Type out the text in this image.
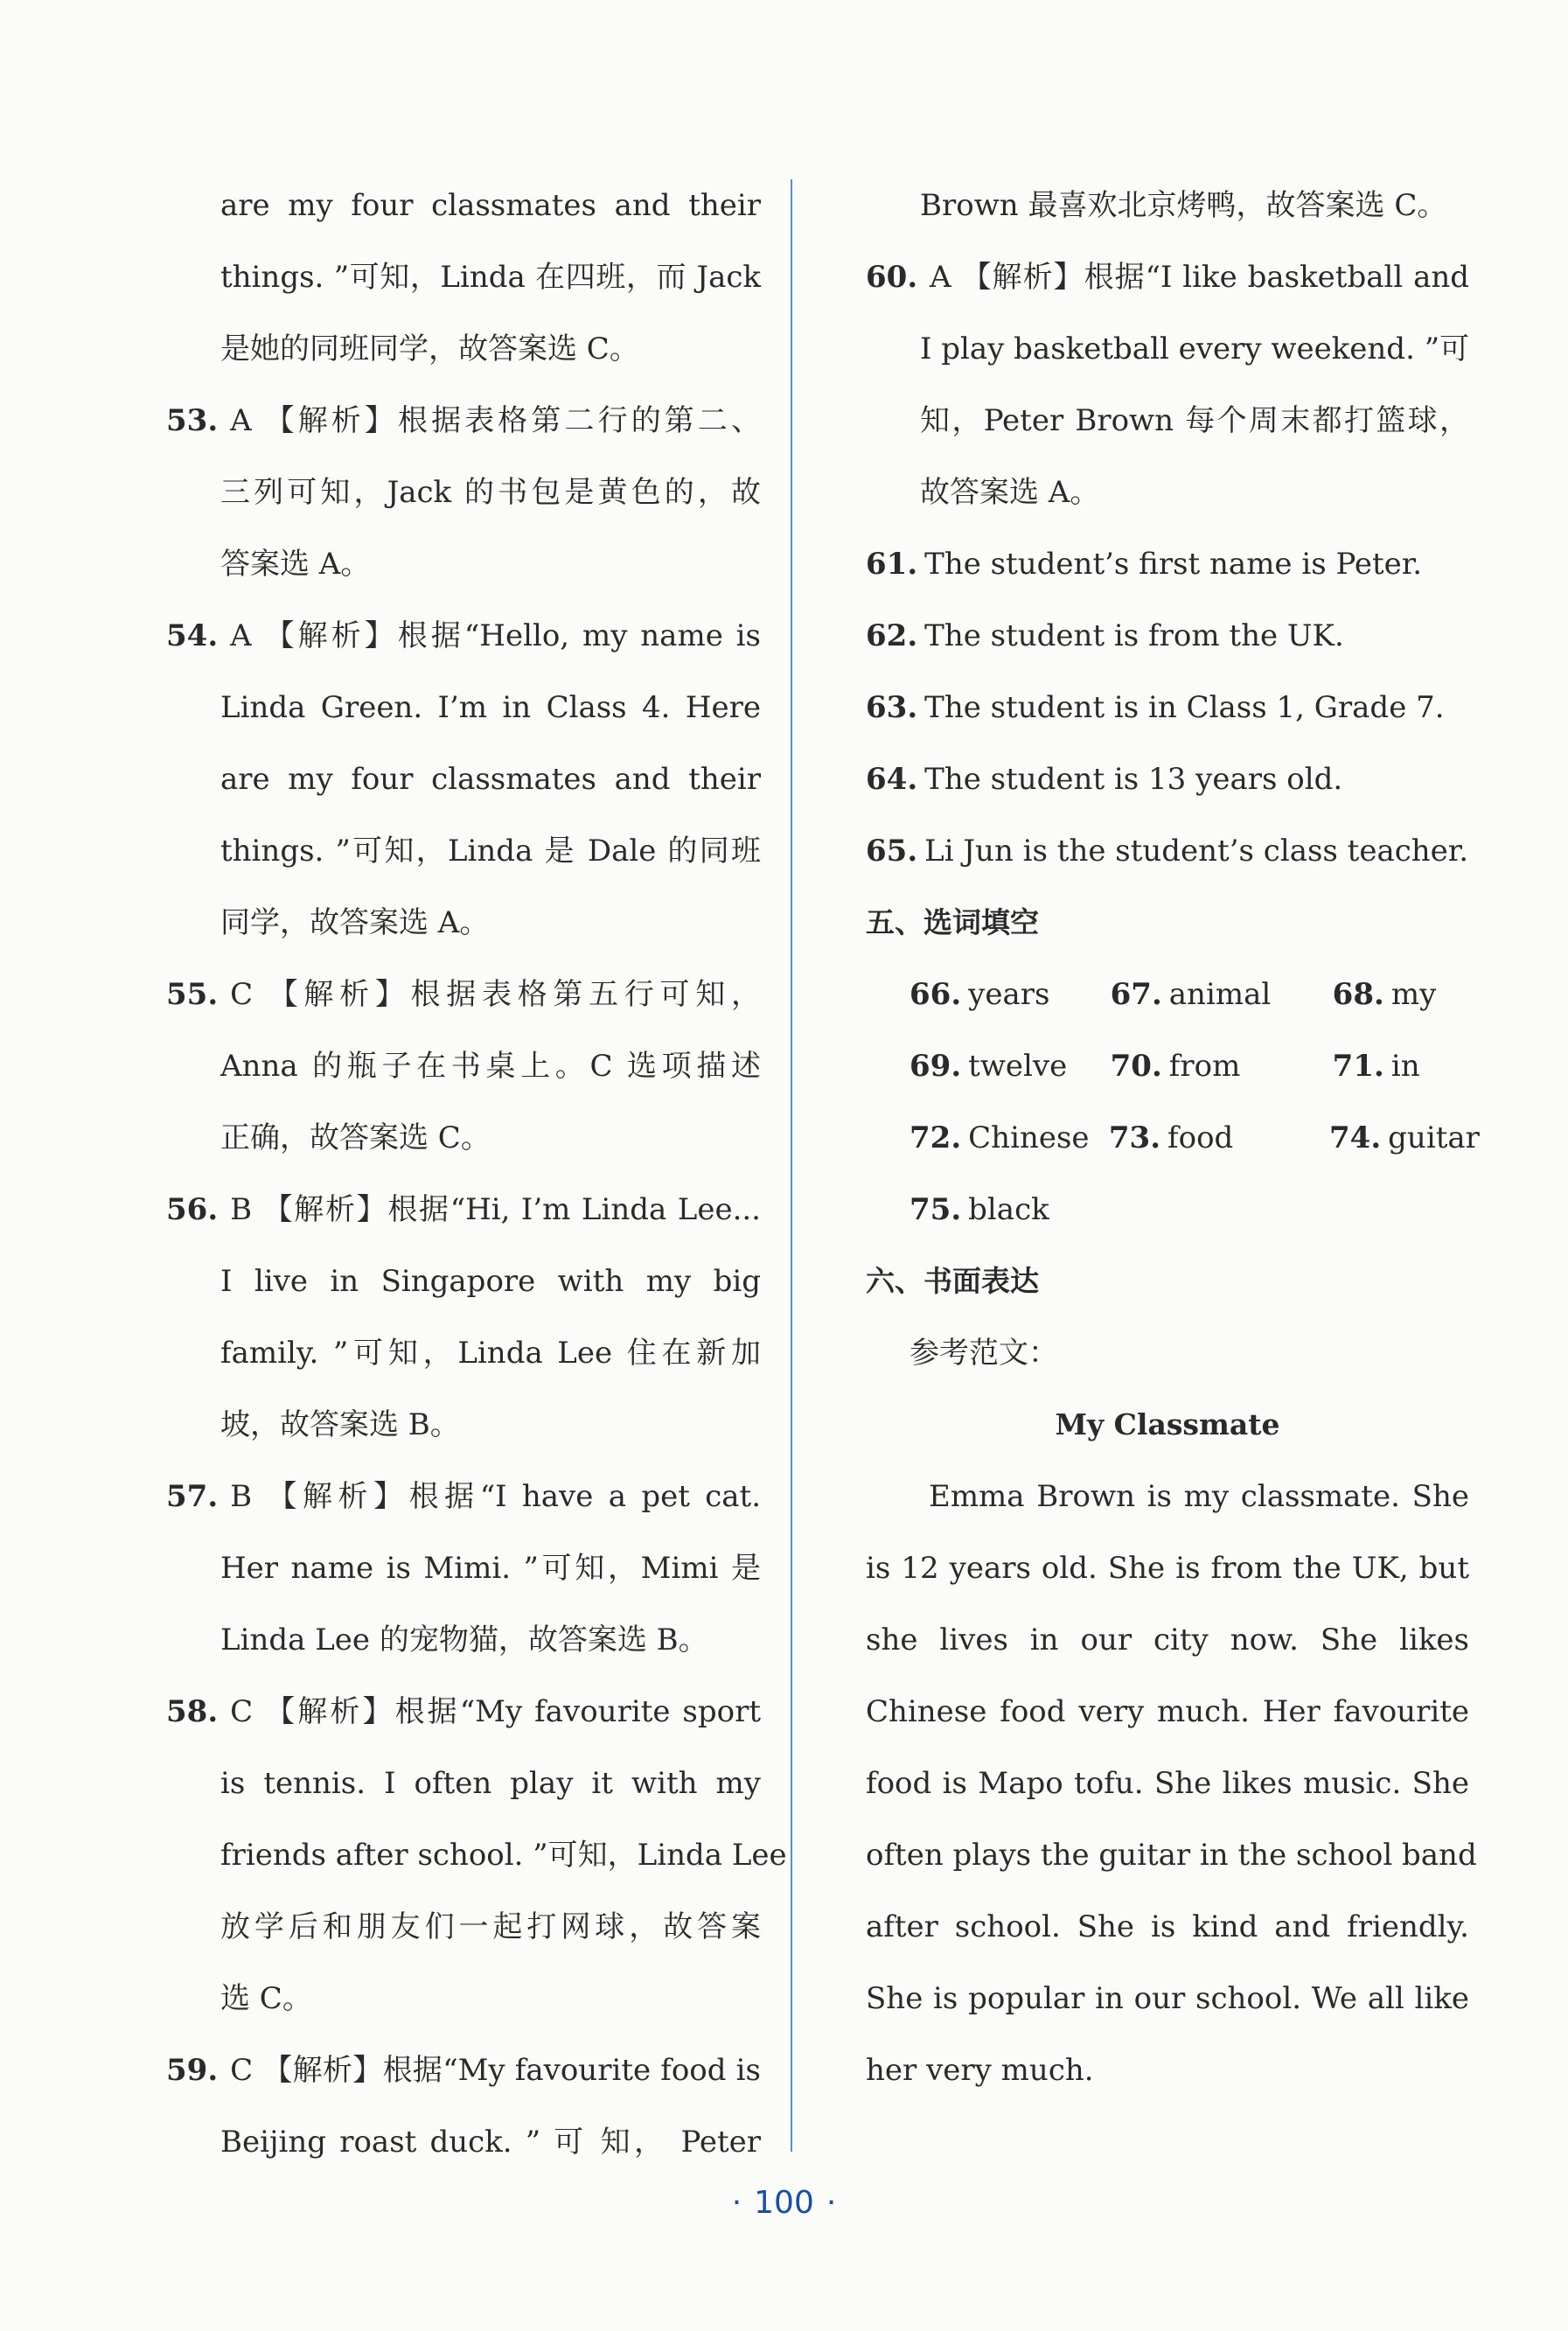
are my four classmates and their
things. ”可知，Linda 在四班，而 Jack
是她的同班同学，故答案选 C。
53. A 【解析】根据表格第二行的第二、
三列可知，Jack 的书包是黄色的，故
答案选 A。
54. A 【解析】根据“Hello, my name is
Linda Green. I’m in Class 4. Here
are my four classmates and their
things. ”可知，Linda 是 Dale 的同班
同学，故答案选 A。
55. C 【解析】根据表格第五行可知，
Anna 的瓶子在书桌上。C 选项描述
正确，故答案选 C。
56. B 【解析】根据“Hi, I’m Linda Lee...
I live in Singapore with my big
family. ”可知，Linda Lee 住在新加
坡，故答案选 B。
57. B 【解析】根据“I have a pet cat.
Her name is Mimi. ”可知，Mimi 是
Linda Lee 的宠物猫，故答案选 B。
58. C 【解析】根据“My favourite sport
is tennis. I often play it with my
friends after school. ”可知，Linda Lee
放学后和朋友们一起打网球，故答案
选 C。
59. C 【解析】根据“My favourite food is
Beijing roast duck. ” 可 知， Peter
Brown 最喜欢北京烤鸭，故答案选 C。
60. A 【解析】根据“I like basketball and
I play basketball every weekend. ”可
知，Peter Brown 每个周末都打篮球，
故答案选 A。
61. The student’s first name is Peter.
62. The student is from the UK.
63. The student is in Class 1, Grade 7.
64. The student is 13 years old.
65. Li Jun is the student’s class teacher.
五、选词填空
66. years	67. animal	68. my
69. twelve	70. from	71. in
72. Chinese 73. food	74. guitar
75. black
六、书面表达
参考范文：
My Classmate
Emma Brown is my classmate. She
is 12 years old. She is from the UK, but
she lives in our city now. She likes
Chinese food very much. Her favourite
food is Mapo tofu. She likes music. She
often plays the guitar in the school band
after school. She is kind and friendly.
She is popular in our school. We all like
her very much.
· 100 ·
